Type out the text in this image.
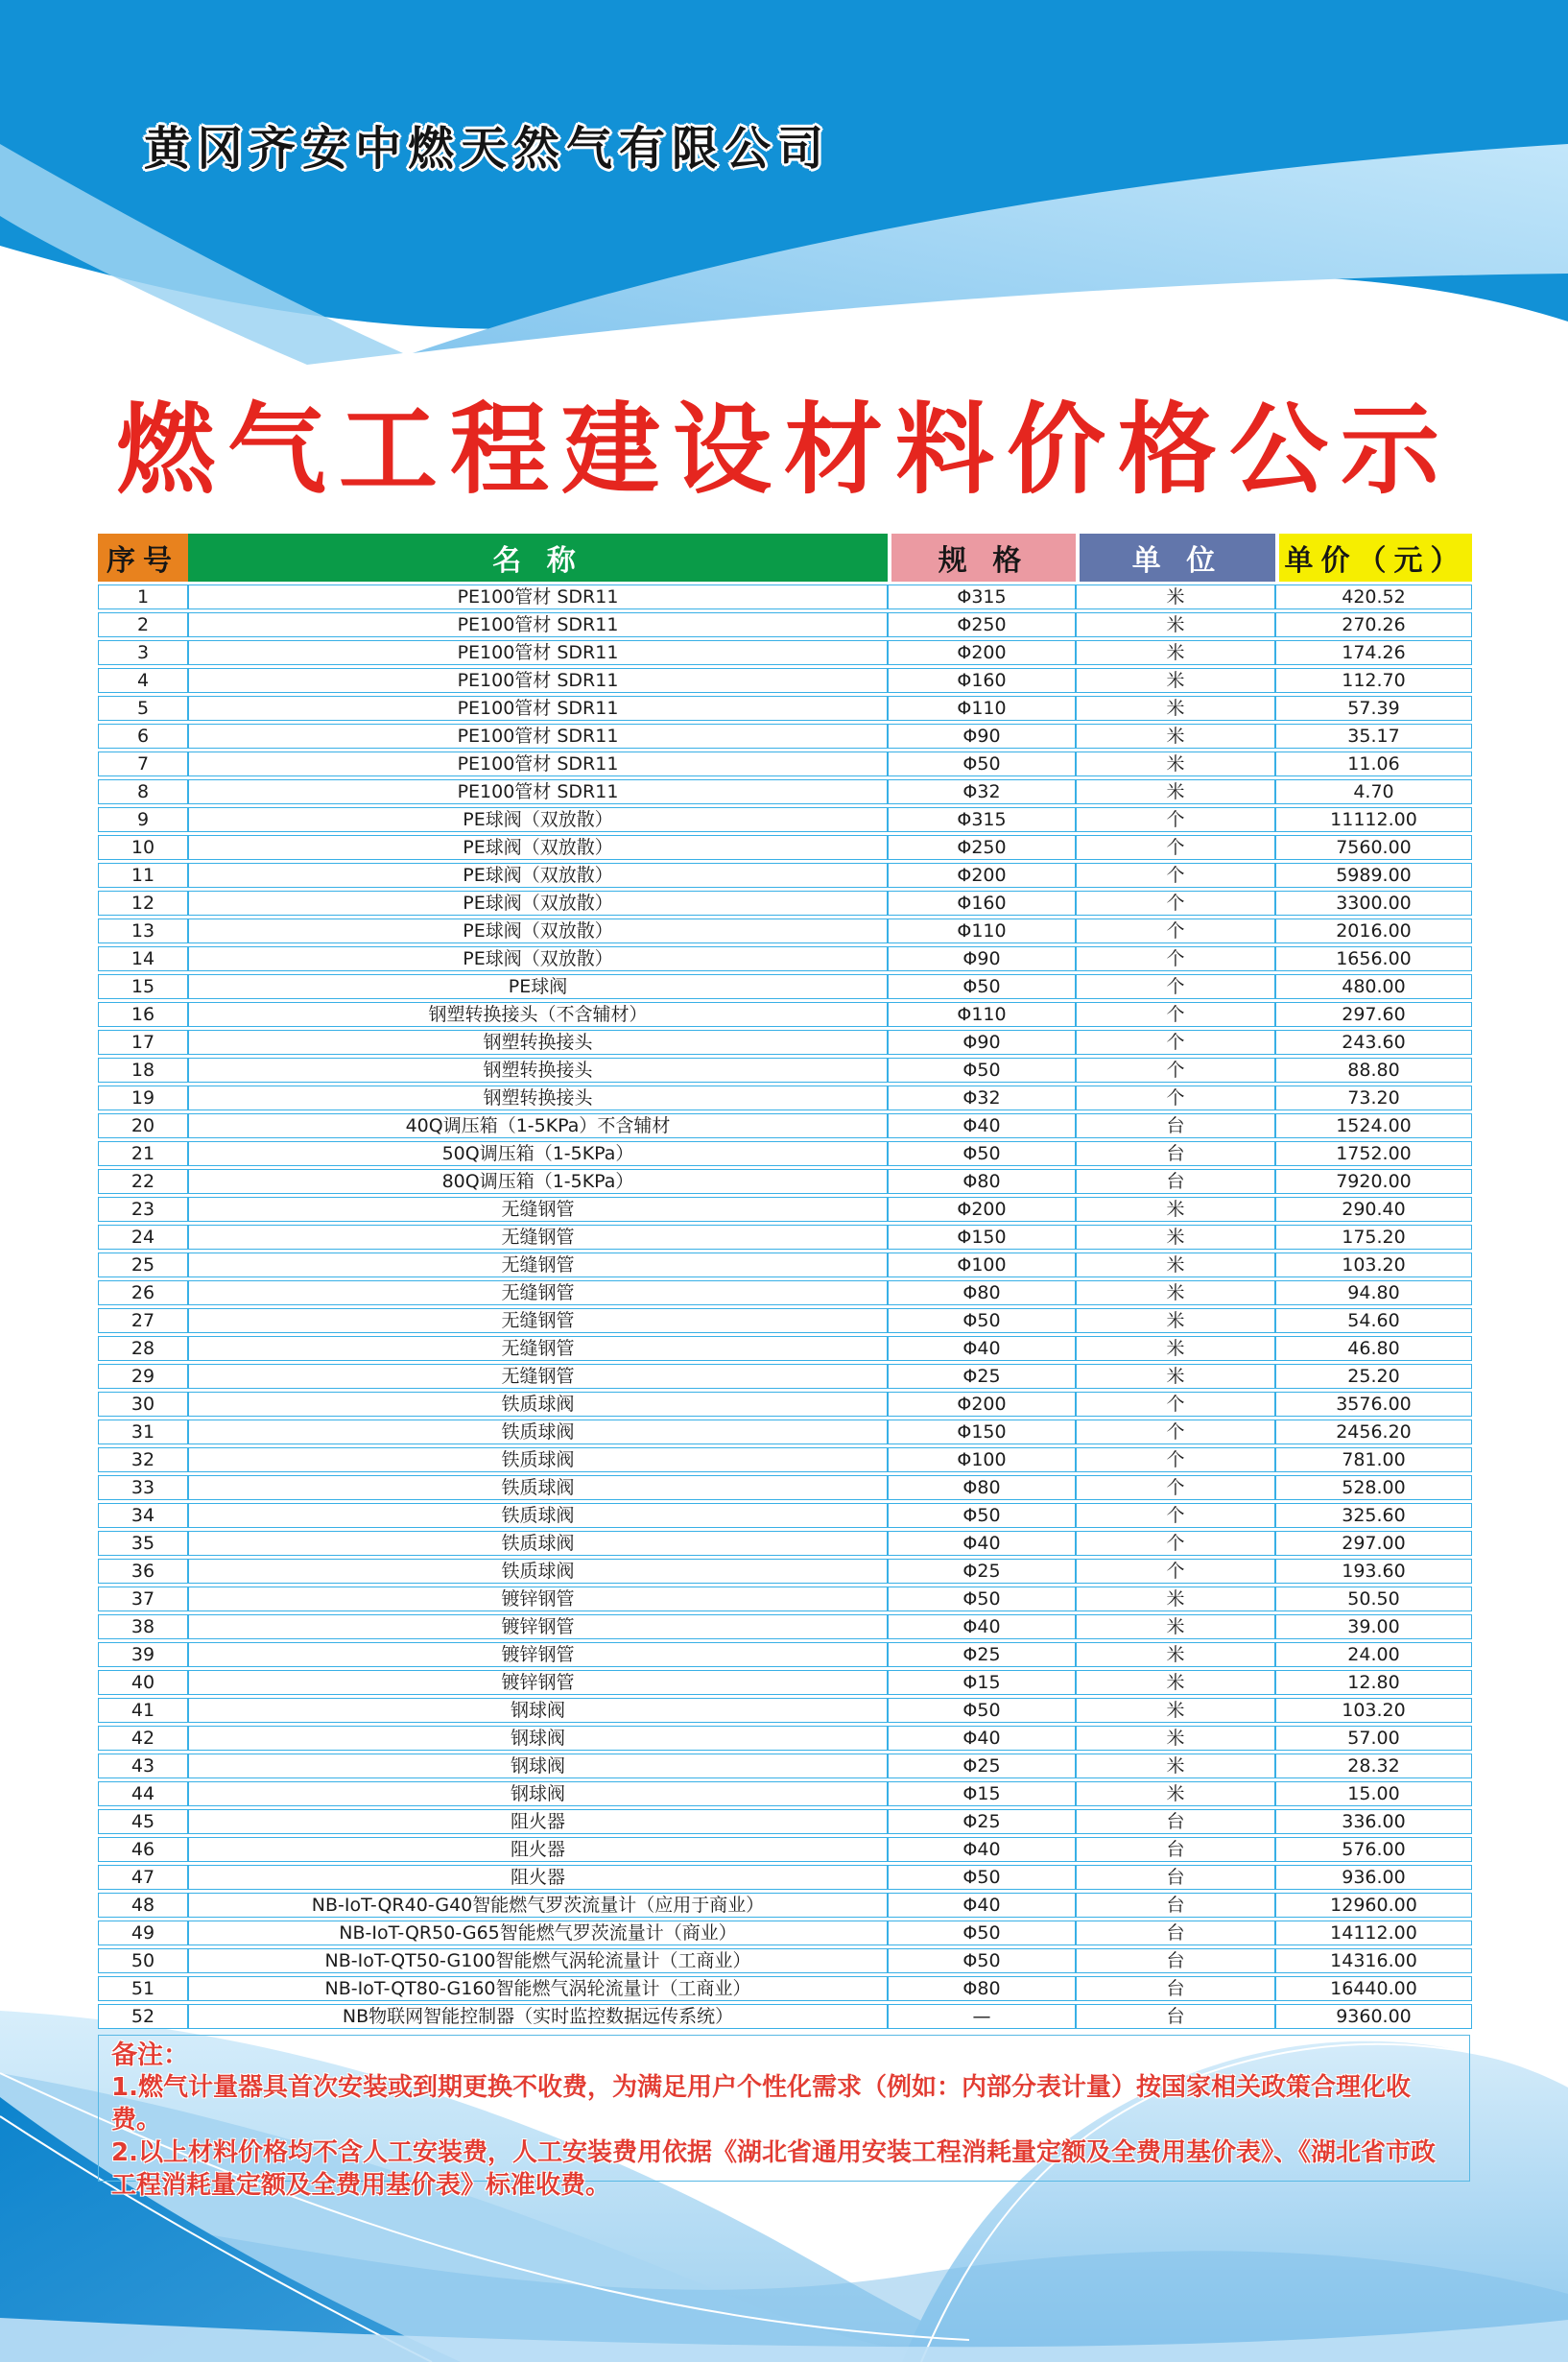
黄冈齐安中燃天然气有限公司
燃气工程建设材料价格公示
序号	名 称	规 格	单 位	单价（元）
1	PE100管材 SDR11	Φ315	米	420.52
2	PE100管材 SDR11	Φ250	米	270.26
3	PE100管材 SDR11	Φ200	米	174.26
4	PE100管材 SDR11	Φ160	米	112.70
5	PE100管材 SDR11	Φ110	米	57.39
6	PE100管材 SDR11	Φ90	米	35.17
7	PE100管材 SDR11	Φ50	米	11.06
8	PE100管材 SDR11	Φ32	米	4.70
9	PE球阀（双放散）	Φ315	个	11112.00
10	PE球阀（双放散）	Φ250	个	7560.00
11	PE球阀（双放散）	Φ200	个	5989.00
12	PE球阀（双放散）	Φ160	个	3300.00
13	PE球阀（双放散）	Φ110	个	2016.00
14	PE球阀（双放散）	Φ90	个	1656.00
15	PE球阀	Φ50	个	480.00
16	钢塑转换接头（不含辅材）	Φ110	个	297.60
17	钢塑转换接头	Φ90	个	243.60
18	钢塑转换接头	Φ50	个	88.80
19	钢塑转换接头	Φ32	个	73.20
20	40Q调压箱（1-5KPa）不含辅材	Φ40	台	1524.00
21	50Q调压箱（1-5KPa）	Φ50	台	1752.00
22	80Q调压箱（1-5KPa）	Φ80	台	7920.00
23	无缝钢管	Φ200	米	290.40
24	无缝钢管	Φ150	米	175.20
25	无缝钢管	Φ100	米	103.20
26	无缝钢管	Φ80	米	94.80
27	无缝钢管	Φ50	米	54.60
28	无缝钢管	Φ40	米	46.80
29	无缝钢管	Φ25	米	25.20
30	铁质球阀	Φ200	个	3576.00
31	铁质球阀	Φ150	个	2456.20
32	铁质球阀	Φ100	个	781.00
33	铁质球阀	Φ80	个	528.00
34	铁质球阀	Φ50	个	325.60
35	铁质球阀	Φ40	个	297.00
36	铁质球阀	Φ25	个	193.60
37	镀锌钢管	Φ50	米	50.50
38	镀锌钢管	Φ40	米	39.00
39	镀锌钢管	Φ25	米	24.00
40	镀锌钢管	Φ15	米	12.80
41	钢球阀	Φ50	米	103.20
42	钢球阀	Φ40	米	57.00
43	钢球阀	Φ25	米	28.32
44	钢球阀	Φ15	米	15.00
45	阻火器	Φ25	台	336.00
46	阻火器	Φ40	台	576.00
47	阻火器	Φ50	台	936.00
48	NB-IoT-QR40-G40智能燃气罗茨流量计（应用于商业）	Φ40	台	12960.00
49	NB-IoT-QR50-G65智能燃气罗茨流量计（商业）	Φ50	台	14112.00
50	NB-IoT-QT50-G100智能燃气涡轮流量计（工商业）	Φ50	台	14316.00
51	NB-IoT-QT80-G160智能燃气涡轮流量计（工商业）	Φ80	台	16440.00
52	NB物联网智能控制器（实时监控数据远传系统）	—	台	9360.00
备注：
1.燃气计量器具首次安装或到期更换不收费，为满足用户个性化需求（例如：内部分表计量）按国家相关政策合理化收费。
2.以上材料价格均不含人工安装费，人工安装费用依据《湖北省通用安装工程消耗量定额及全费用基价表》、《湖北省市政工程消耗量定额及全费用基价表》标准收费。
